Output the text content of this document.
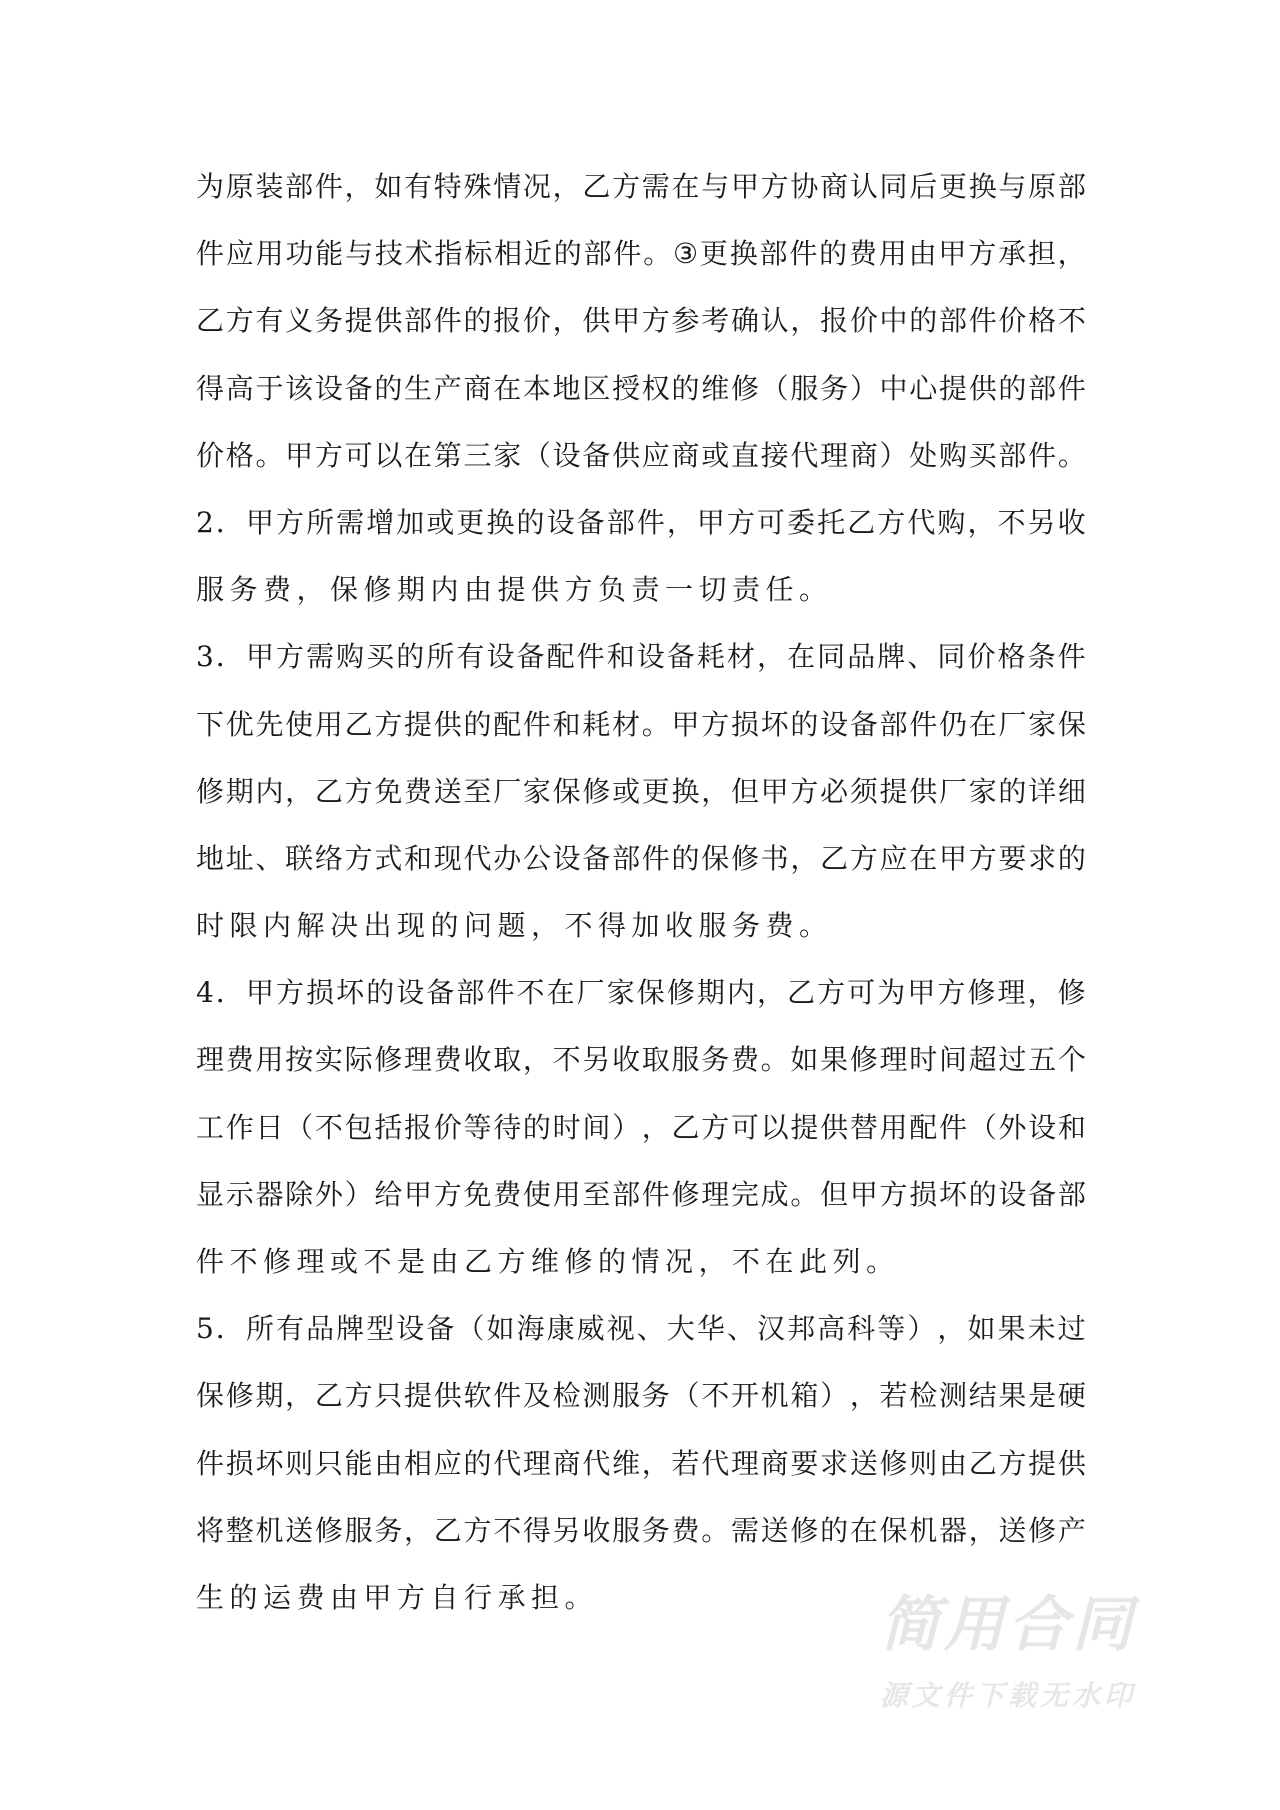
为 原 装 部 件 ， 如 有 特 殊 情 况 ， 乙 方 需 在 与 甲 方 协 商 认 同 后 更 换 与 原 部
件 应 用 功 能 与 技 术 指 标 相 近 的 部 件 。 ③ 更 换 部 件 的 费 用 由 甲 方 承 担 ，
乙 方 有 义 务 提 供 部 件 的 报 价 ， 供 甲 方 参 考 确 认 ， 报 价 中 的 部 件 价 格 不
得 高 于 该 设 备 的 生 产 商 在 本 地 区 授 权 的 维 修 （ 服 务 ） 中 心 提 供 的 部 件
价 格 。 甲 方 可 以 在 第 三 家 （ 设 备 供 应 商 或 直 接 代 理 商 ） 处 购 买 部 件 。
2 ． 甲 方 所 需 增 加 或 更 换 的 设 备 部 件 ， 甲 方 可 委 托 乙 方 代 购 ， 不 另 收
服务费，保修期内由提供方负责一切责任。
3 ． 甲 方 需 购 买 的 所 有 设 备 配 件 和 设 备 耗 材 ， 在 同 品 牌 、 同 价 格 条 件
下 优 先 使 用 乙 方 提 供 的 配 件 和 耗 材 。 甲 方 损 坏 的 设 备 部 件 仍 在 厂 家 保
修 期 内 ， 乙 方 免 费 送 至 厂 家 保 修 或 更 换 ， 但 甲 方 必 须 提 供 厂 家 的 详 细
地 址 、 联 络 方 式 和 现 代 办 公 设 备 部 件 的 保 修 书 ， 乙 方 应 在 甲 方 要 求 的
时限内解决出现的问题，不得加收服务费。
4 ． 甲 方 损 坏 的 设 备 部 件 不 在 厂 家 保 修 期 内 ， 乙 方 可 为 甲 方 修 理 ， 修
理 费 用 按 实 际 修 理 费 收 取 ， 不 另 收 取 服 务 费 。 如 果 修 理 时 间 超 过 五 个
工 作 日 （ 不 包 括 报 价 等 待 的 时 间 ） ， 乙 方 可 以 提 供 替 用 配 件 （ 外 设 和
显 示 器 除 外 ） 给 甲 方 免 费 使 用 至 部 件 修 理 完 成 。 但 甲 方 损 坏 的 设 备 部
件不修理或不是由乙方维修的情况，不在此列。
5 ． 所 有 品 牌 型 设 备 （ 如 海 康 威 视 、 大 华 、 汉 邦 高 科 等 ） ， 如 果 未 过
保 修 期 ， 乙 方 只 提 供 软 件 及 检 测 服 务 （ 不 开 机 箱 ） ， 若 检 测 结 果 是 硬
件 损 坏 则 只 能 由 相 应 的 代 理 商 代 维 ， 若 代 理 商 要 求 送 修 则 由 乙 方 提 供
将 整 机 送 修 服 务 ， 乙 方 不 得 另 收 服 务 费 。 需 送 修 的 在 保 机 器 ， 送 修 产
生的运费由甲方自行承担。	简用合同
源文件下载无水印
